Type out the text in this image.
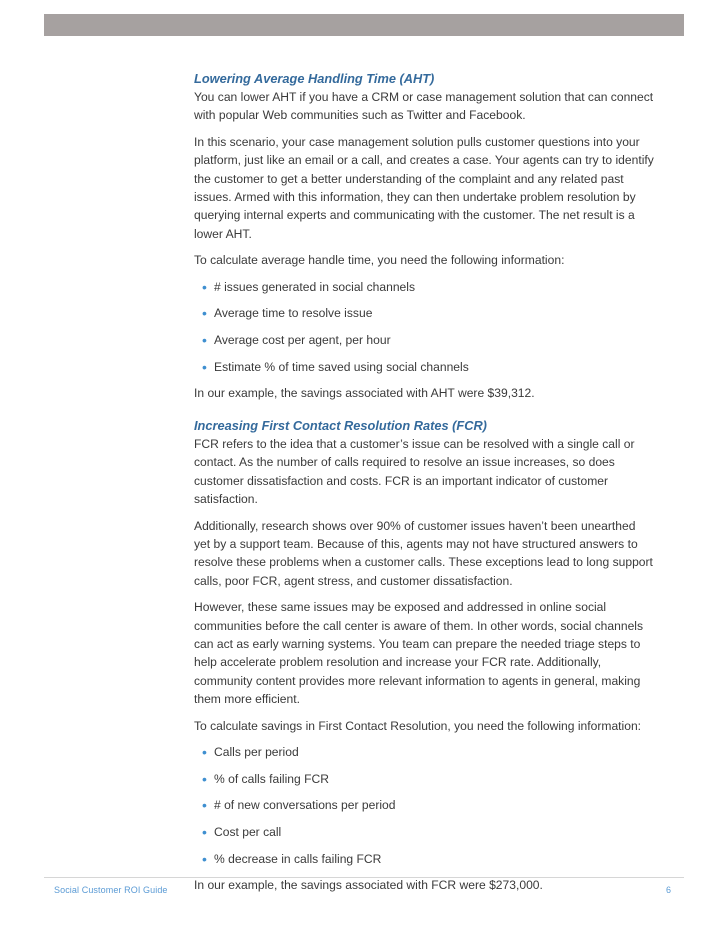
Lowering Average Handling Time (AHT)

You can lower AHT if you have a CRM or case management solution that can connect with popular Web communities such as Twitter and Facebook.

In this scenario, your case management solution pulls customer questions into your platform, just like an email or a call, and creates a case. Your agents can try to identify the customer to get a better understanding of the complaint and any related past issues. Armed with this information, they can then undertake problem resolution by querying internal experts and communicating with the customer. The net result is a lower AHT.

To calculate average handle time, you need the following information:

• # issues generated in social channels
• Average time to resolve issue
• Average cost per agent, per hour
• Estimate % of time saved using social channels

In our example, the savings associated with AHT were $39,312.

Increasing First Contact Resolution Rates (FCR)

FCR refers to the idea that a customer’s issue can be resolved with a single call or contact. As the number of calls required to resolve an issue increases, so does customer dissatisfaction and costs. FCR is an important indicator of customer satisfaction.

Additionally, research shows over 90% of customer issues haven’t been unearthed yet by a support team. Because of this, agents may not have structured answers to resolve these problems when a customer calls. These exceptions lead to long support calls, poor FCR, agent stress, and customer dissatisfaction.

However, these same issues may be exposed and addressed in online social communities before the call center is aware of them. In other words, social channels can act as early warning systems. You team can prepare the needed triage steps to help accelerate problem resolution and increase your FCR rate. Additionally, community content provides more relevant information to agents in general, making them more efficient.

To calculate savings in First Contact Resolution, you need the following information:

• Calls per period
• % of calls failing FCR
• # of new conversations per period
• Cost per call
• % decrease in calls failing FCR

In our example, the savings associated with FCR were $273,000.

Social Customer ROI Guide	6
